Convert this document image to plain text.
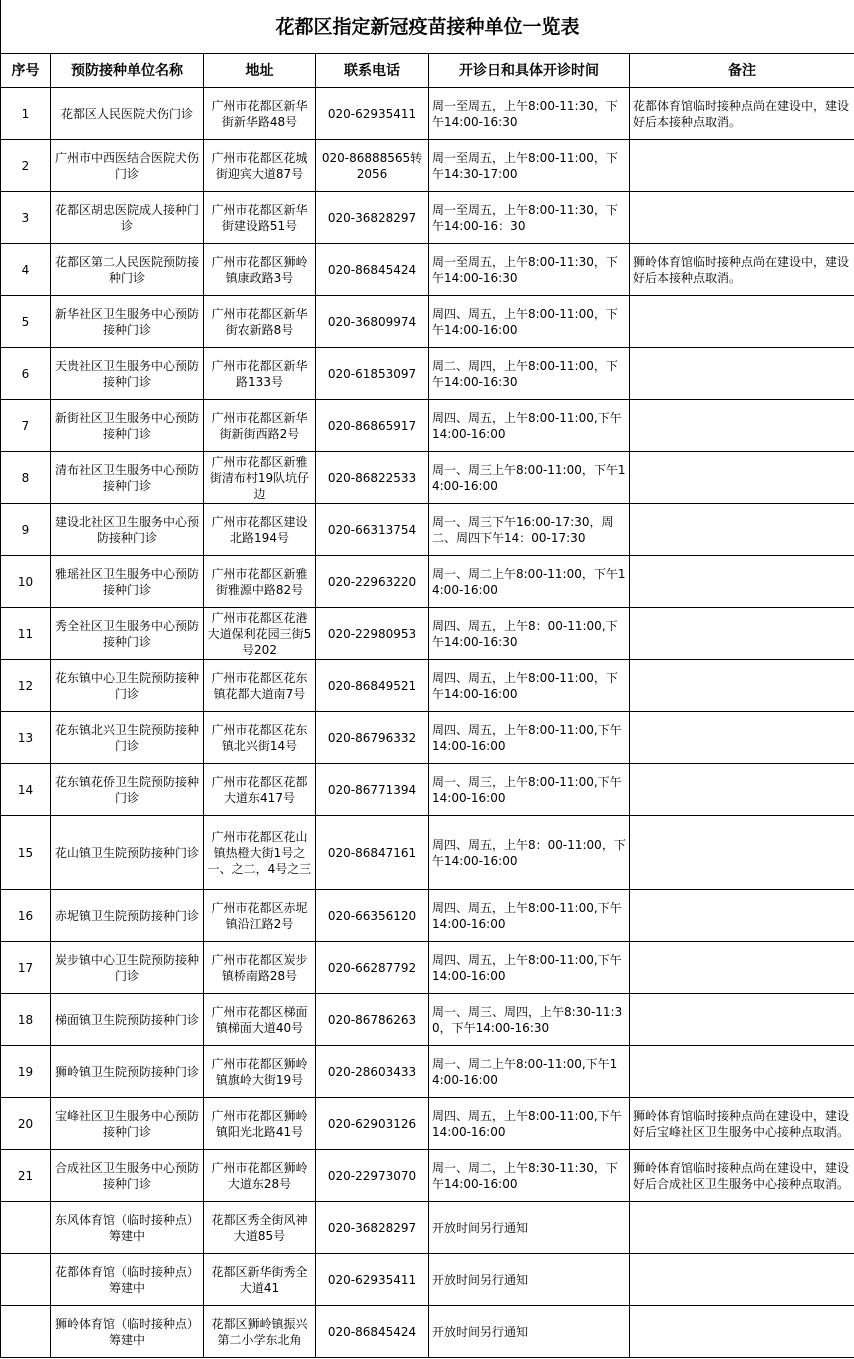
花都区指定新冠疫苗接种单位一览表					
序号	预防接种单位名称	地址	联系电话	开诊日和具体开诊时间	备注
1	花都区人民医院犬伤门诊	广州市花都区新华街新华路48号	020-62935411	周一至周五，上午8:00-11:30，下午14:00-16:30	花都体育馆临时接种点尚在建设中，建设好后本接种点取消。
2	广州市中西医结合医院犬伤门诊	广州市花都区花城街迎宾大道87号	020-86888565转2056	周一至周五，上午8:00-11:00，下午14:30-17:00	
3	花都区胡忠医院成人接种门诊	广州市花都区新华街建设路51号	020-36828297	周一至周五，上午8:00-11:30，下午14:00-16：30	
4	花都区第二人民医院预防接种门诊	广州市花都区狮岭镇康政路3号	020-86845424	周一至周五，上午8:00-11:30，下午14:00-16:30	狮岭体育馆临时接种点尚在建设中，建设好后本接种点取消。
5	新华社区卫生服务中心预防接种门诊	广州市花都区新华街农新路8号	020-36809974	周四、周五，上午8:00-11:00，下午14:00-16:00	
6	天贵社区卫生服务中心预防接种门诊	广州市花都区新华路133号	020-61853097	周二、周四，上午8:00-11:00，下午14:00-16:30	
7	新街社区卫生服务中心预防接种门诊	广州市花都区新华街新街西路2号	020-86865917	周四、周五，上午8:00-11:00,下午14:00-16:00	
8	清布社区卫生服务中心预防接种门诊	广州市花都区新雅街清布村19队坑仔边	020-86822533	周一、周三上午8:00-11:00，下午14:00-16:00	
9	建设北社区卫生服务中心预防接种门诊	广州市花都区建设北路194号	020-66313754	周一、周三下午16:00-17:30，周二、周四下午14：00-17:30	
10	雅瑶社区卫生服务中心预防接种门诊	广州市花都区新雅街雅源中路82号	020-22963220	周一、周二上午8:00-11:00，下午14:00-16:00	
11	秀全社区卫生服务中心预防接种门诊	广州市花都区花港大道保利花园三街5号202	020-22980953	周四、周五，上午8：00-11:00,下午14:00-16:30	
12	花东镇中心卫生院预防接种门诊	广州市花都区花东镇花都大道南7号	020-86849521	周四、周五，上午8:00-11:00，下午14:00-16:00	
13	花东镇北兴卫生院预防接种门诊	广州市花都区花东镇北兴街14号	020-86796332	周四、周五，上午8:00-11:00,下午14:00-16:00	
14	花东镇花侨卫生院预防接种门诊	广州市花都区花都大道东417号	020-86771394	周一、周三，上午8:00-11:00,下午14:00-16:00	
15	花山镇卫生院预防接种门诊	广州市花都区花山镇热橙大街1号之一、之二，4号之三	020-86847161	周四、周五，上午8：00-11:00，下午14:00-16:00	
16	赤坭镇卫生院预防接种门诊	广州市花都区赤坭镇沿江路2号	020-66356120	周四、周五，上午8:00-11:00,下午14:00-16:00	
17	炭步镇中心卫生院预防接种门诊	广州市花都区炭步镇桥南路28号	020-66287792	周四、周五，上午8:00-11:00,下午14:00-16:00	
18	梯面镇卫生院预防接种门诊	广州市花都区梯面镇梯面大道40号	020-86786263	周一、周三、周四，上午8:30-11:30，下午14:00-16:30	
19	狮岭镇卫生院预防接种门诊	广州市花都区狮岭镇旗岭大街19号	020-28603433	周一、周二上午8:00-11:00,下午14:00-16:00	
20	宝峰社区卫生服务中心预防接种门诊	广州市花都区狮岭镇阳光北路41号	020-62903126	周四、周五，上午8:00-11:00,下午14:00-16:00	狮岭体育馆临时接种点尚在建设中，建设好后宝峰社区卫生服务中心接种点取消。
21	合成社区卫生服务中心预防接种门诊	广州市花都区狮岭大道东28号	020-22973070	周一、周二，上午8:30-11:30，下午14:00-16:00	狮岭体育馆临时接种点尚在建设中，建设好后合成社区卫生服务中心接种点取消。
	东风体育馆（临时接种点）筹建中	花都区秀全街风神大道85号	020-36828297	开放时间另行通知	
	花都体育馆（临时接种点）筹建中	花都区新华街秀全大道41	020-62935411	开放时间另行通知	
	狮岭体育馆（临时接种点）筹建中	花都区狮岭镇振兴第二小学东北角	020-86845424	开放时间另行通知	
